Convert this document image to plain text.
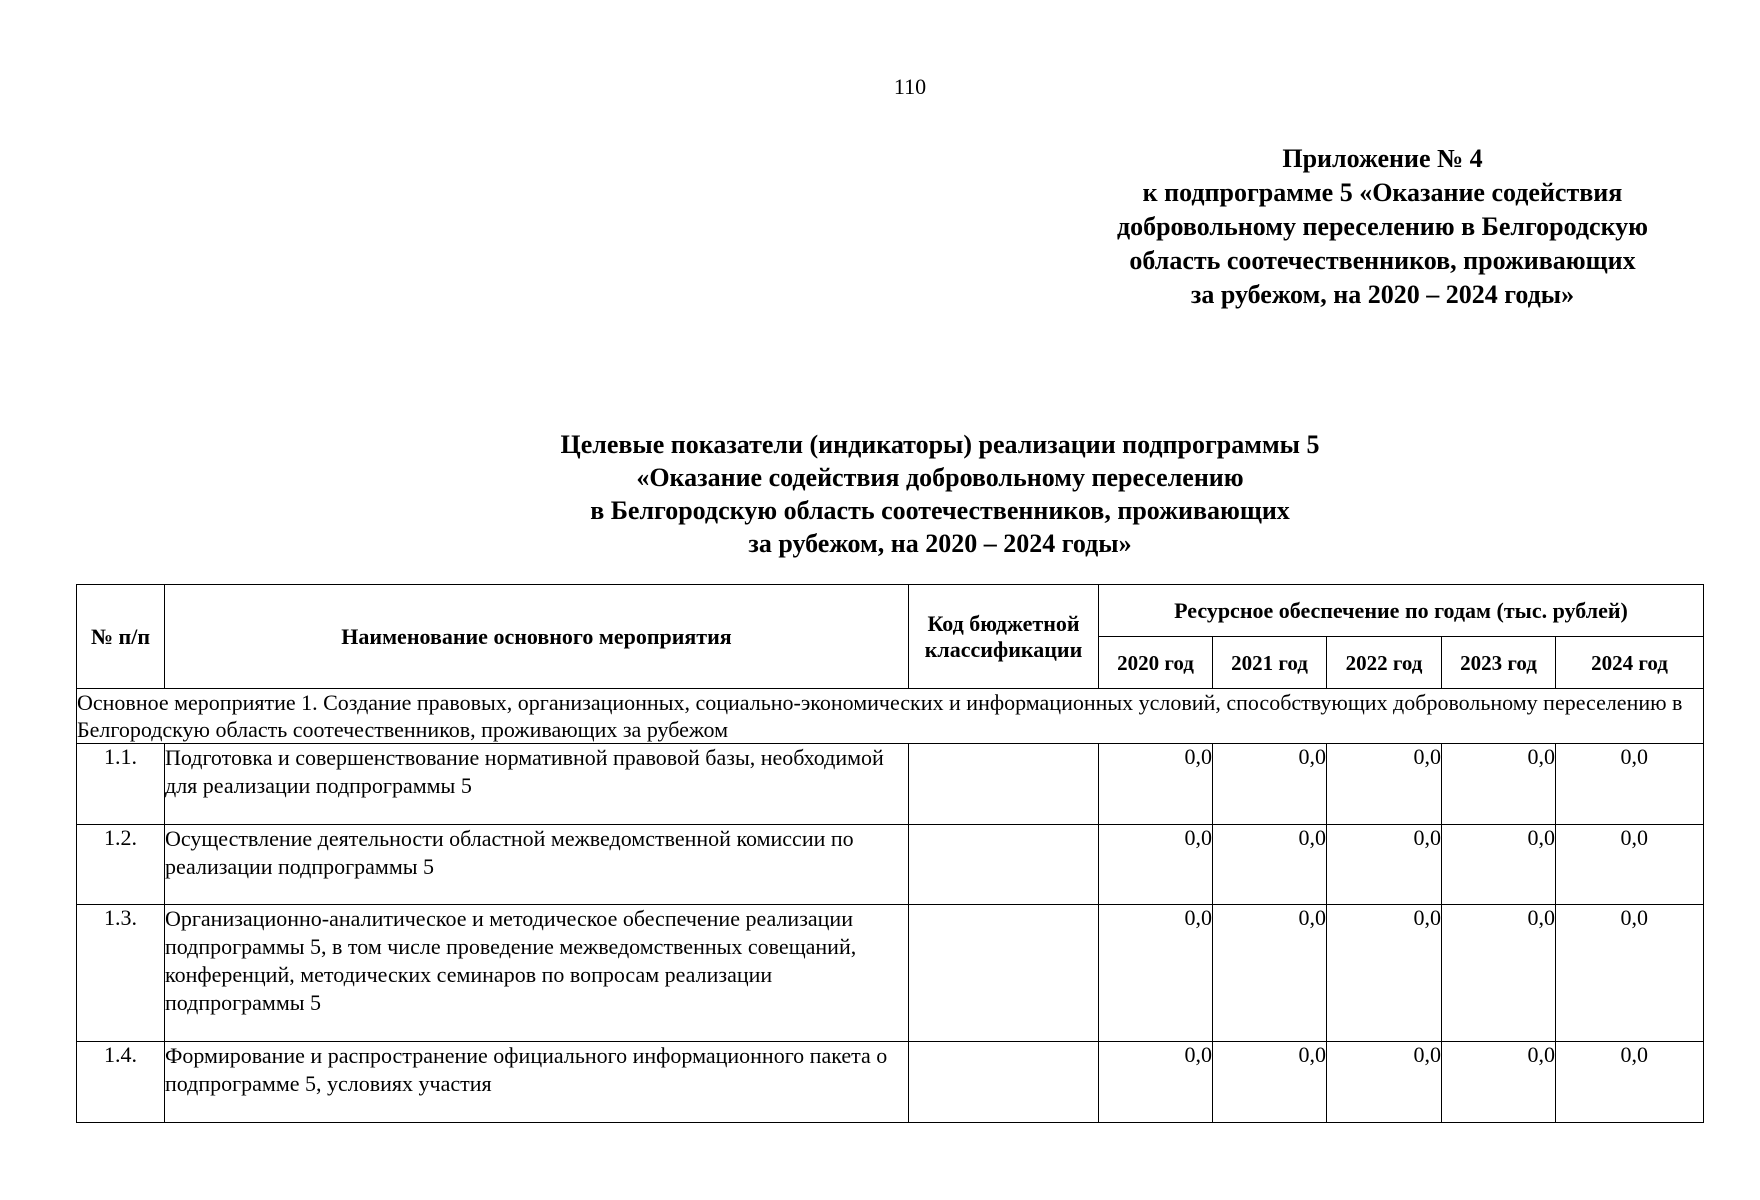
110
Приложение № 4
к подпрограмме 5 «Оказание содействия
добровольному переселению в Белгородскую
область соотечественников, проживающих
за рубежом, на 2020 – 2024 годы»
Целевые показатели (индикаторы) реализации подпрограммы 5
«Оказание содействия добровольному переселению
в Белгородскую область соотечественников, проживающих
за рубежом, на 2020 – 2024 годы»
№ п/п	Наименование основного мероприятия	Код бюджетной классификации	Ресурсное обеспечение по годам (тыс. рублей)				
			2020 год	2021 год	2022 год	2023 год	2024 год
Основное мероприятие 1. Создание правовых, организационных, социально-экономических и информационных условий, способствующих добровольному переселению в Белгородскую область соотечественников, проживающих за рубежом							
1.1.	Подготовка и совершенствование нормативной правовой базы, необходимой для реализации подпрограммы 5		0,0	0,0	0,0	0,0	0,0
1.2.	Осуществление деятельности областной межведомственной комиссии по реализации подпрограммы 5		0,0	0,0	0,0	0,0	0,0
1.3.	Организационно-аналитическое и методическое обеспечение реализации подпрограммы 5, в том числе проведение межведомственных совещаний, конференций, методических семинаров по вопросам реализации подпрограммы 5		0,0	0,0	0,0	0,0	0,0
1.4.	Формирование и распространение официального информационного пакета о подпрограмме 5, условиях участия		0,0	0,0	0,0	0,0	0,0
